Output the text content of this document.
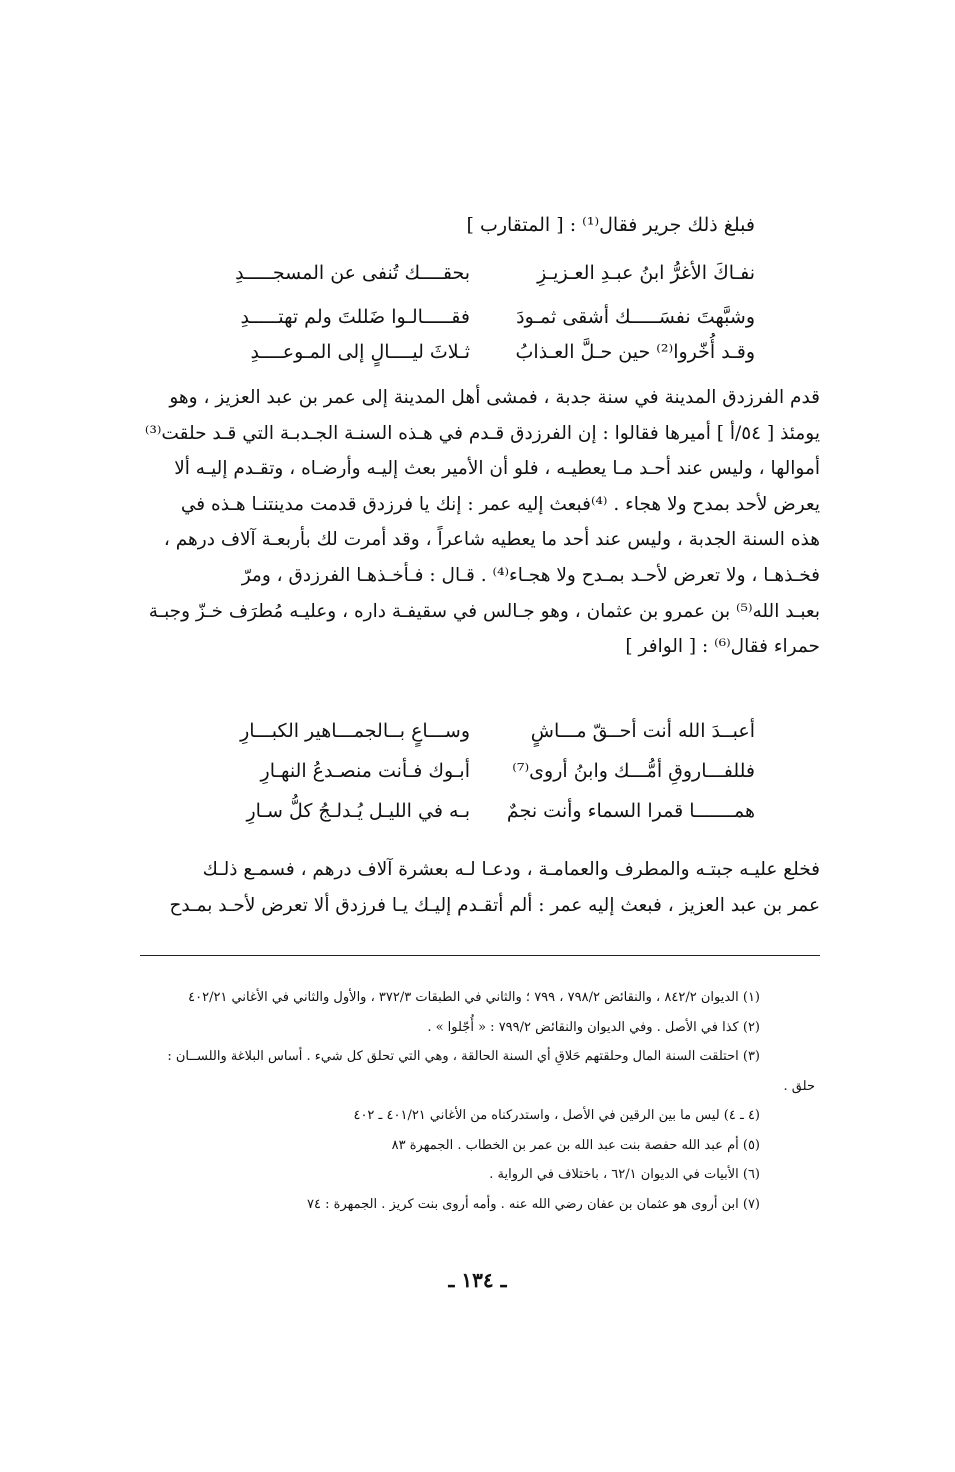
فبلغ ذلك جرير فقال⁽¹⁾ : [ المتقارب ]
نفـاكَ الأغرُّ ابنُ عبـدِ العـزيـزِ
بحقــــك تُنفى عن المسجـــــدِ
وشبَّهتَ نفسَـــــك أشقى ثمـودَ
فقـــــالـوا ضَللتَ ولم تهتـــــدِ
وقـد أُخّروا⁽²⁾ حين حـلَّ العـذابُ
ثـلاثَ ليــــالٍ إلى المـوعــــدِ

قدم الفرزدق المدينة في سنة جدبة ، فمشى أهل المدينة إلى عمر بن عبد العزيز ، وهو

يومئذ [ ٥٤/أ ] أميرها فقالوا : إن الفرزدق قـدم في هـذه السنـة الجـدبـة التي قـد حلقت⁽³⁾

أموالها ، وليس عند أحـد مـا يعطيـه ، فلو أن الأمير بعث إليـه وأرضـاه ، وتقـدم إليـه ألا

يعرض لأحد بمدح ولا هجاء . ⁽⁴⁾فبعث إليه عمر : إنك يا فرزدق قدمت مدينتنـا هـذه في

هذه السنة الجدبة ، وليس عند أحد ما يعطيه شاعراً ، وقد أمرت لك بأربعـة آلاف درهم ،

فخـذهـا ، ولا تعرض لأحـد بمـدح ولا هجـاء⁽⁴⁾ . قـال : فـأخـذهـا الفرزدق ، ومرّ

بعبـد الله⁽⁵⁾ بن عمرو بن عثمان ، وهو جـالس في سقيفـة داره ، وعليـه مُطرَف خـزّ وجبـة

حمراء فقال⁽⁶⁾ : [ الوافر ]

أعبــدَ الله أنت أحــقّ مـــاشٍ
وســـاعٍ بــالجمـــاهير الكبـــارِ
فللفـــاروقِ أمُّـــك وابنُ أروى⁽⁷⁾
أبـوك فـأنت منصـدعُ النهـارِ
همـــــــا قمرا السماء وأنت نجمٌ
بـه في الليـل يُـدلـجُ كلُّ سـارِ

فخلع عليـه جبتـه والمطرف والعمامـة ، ودعـا لـه بعشرة آلاف درهم ، فسمـع ذلـك

عمر بن عبد العزيز ، فبعث إليه عمر : ألم أتقـدم إليـك يـا فرزدق ألا تعرض لأحـد بمـدح

(١) الديوان ٨٤٢/٢ ، والنقائض ٧٩٨/٢ ، ٧٩٩ ؛ والثاني في الطبقات ٣٧٢/٣ ، والأول والثاني في الأغاني ٤٠٢/٢١
(٢) كذا في الأصل . وفي الديوان والنقائض ٧٩٩/٢ : « أُجّلوا » .
(٣) احتلقت السنة المال وحلقتهم حَلاقِ أي السنة الحالقة ، وهي التي تحلق كل شيء . أساس البلاغة واللســان :
حلق .
(٤ ـ ٤) ليس ما بين الرقين في الأصل ، واستدركناه من الأغاني ٤٠١/٢١ ـ ٤٠٢
(٥) أم عبد الله حفصة بنت عبد الله بن عمر بن الخطاب . الجمهرة ٨٣
(٦) الأبيات في الديوان ٦٢/١ ، باختلاف في الرواية .
(٧) ابن أروى هو عثمان بن عفان رضي الله عنه . وأمه أروى بنت كريز . الجمهرة : ٧٤
ـ ١٣٤ ـ
